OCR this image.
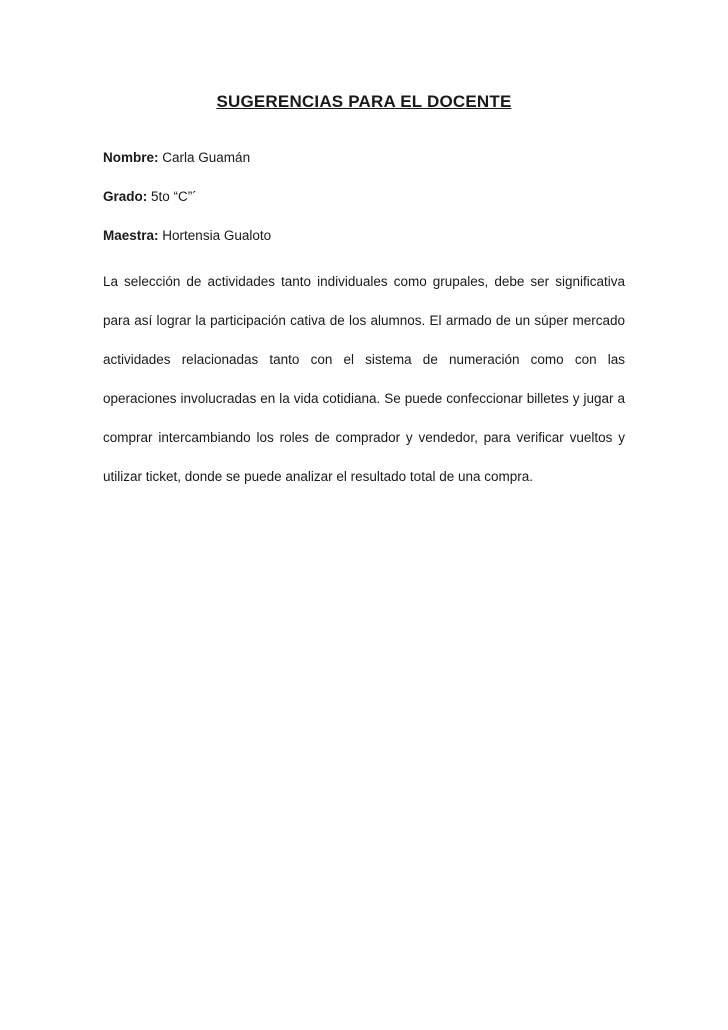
SUGERENCIAS PARA EL DOCENTE
Nombre: Carla Guamán
Grado: 5to “C”´
Maestra: Hortensia Gualoto

La selección de actividades tanto individuales como grupales, debe ser significativa para así lograr la participación cativa de los alumnos. El armado de un súper mercado actividades relacionadas tanto con el sistema de numeración como con las operaciones involucradas en la vida cotidiana. Se puede confeccionar billetes y jugar a comprar intercambiando los roles de comprador y vendedor, para verificar vueltos y utilizar ticket, donde se puede analizar el resultado total de una compra.
